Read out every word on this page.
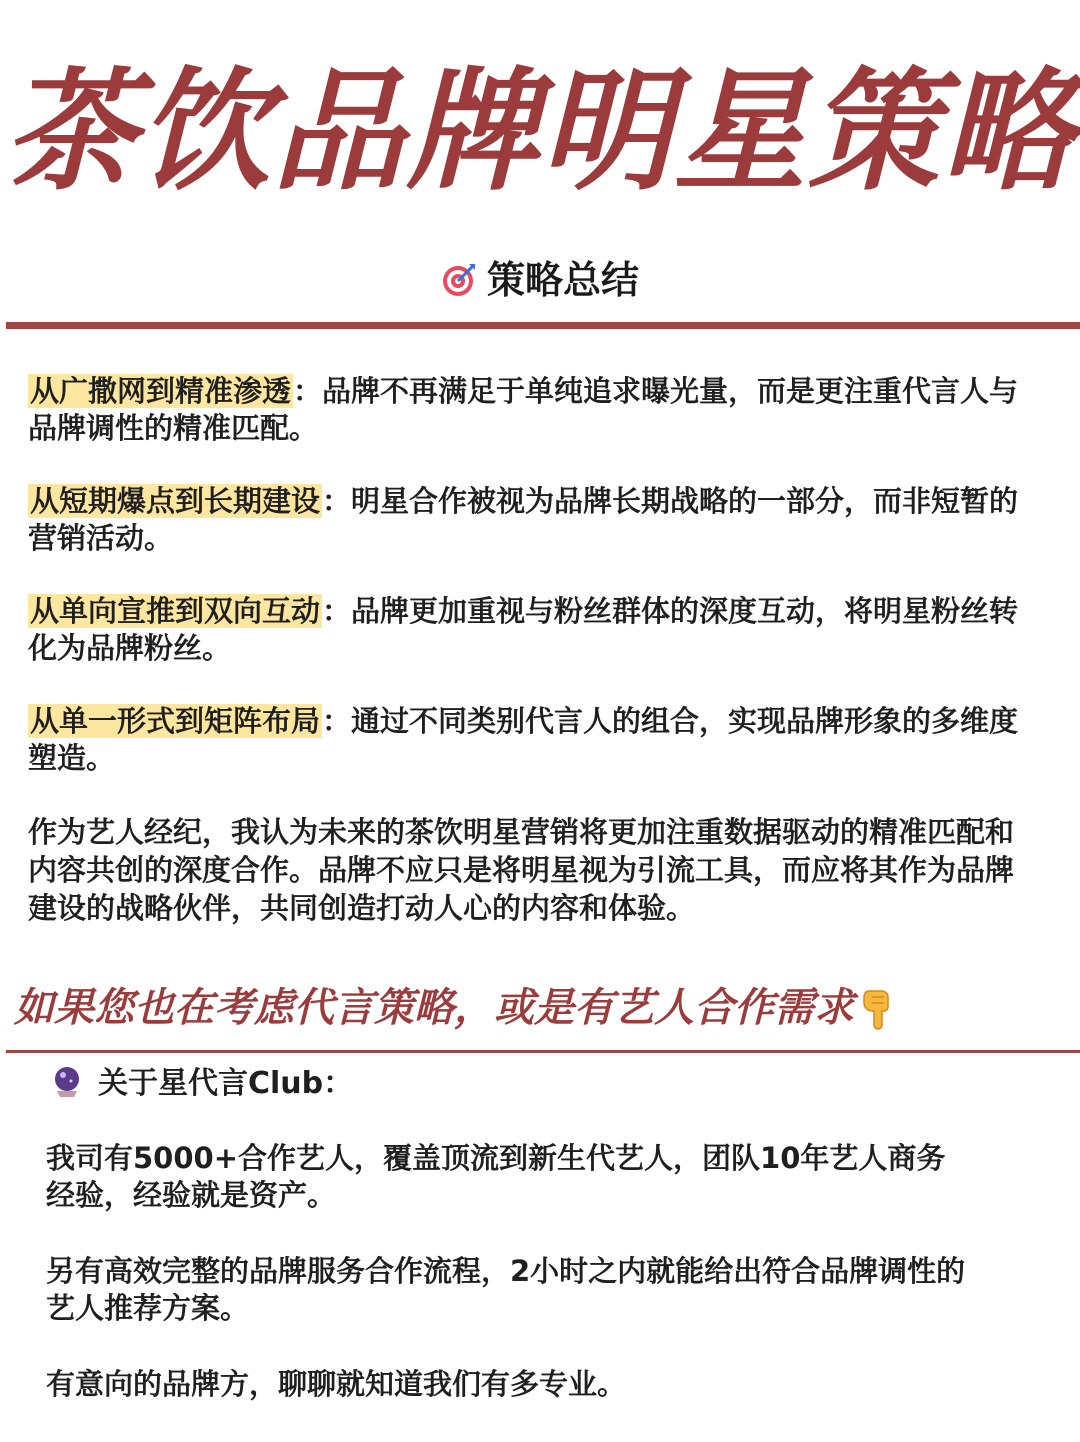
茶饮品牌明星策略
策略总结

从广撒网到精准渗透：品牌不再满足于单纯追求曝光量，而是更注重代言人与品牌调性的精准匹配。

从短期爆点到长期建设：明星合作被视为品牌长期战略的一部分，而非短暂的营销活动。

从单向宣推到双向互动：品牌更加重视与粉丝群体的深度互动，将明星粉丝转化为品牌粉丝。

从单一形式到矩阵布局：通过不同类别代言人的组合，实现品牌形象的多维度塑造。

作为艺人经纪，我认为未来的茶饮明星营销将更加注重数据驱动的精准匹配和内容共创的深度合作。品牌不应只是将明星视为引流工具，而应将其作为品牌建设的战略伙伴，共同创造打动人心的内容和体验。

如果您也在考虑代言策略，或是有艺人合作需求
关于星代言Club：

我司有5000+合作艺人，覆盖顶流到新生代艺人，团队10年艺人商务经验，经验就是资产。

另有高效完整的品牌服务合作流程，2小时之内就能给出符合品牌调性的艺人推荐方案。

有意向的品牌方，聊聊就知道我们有多专业。
